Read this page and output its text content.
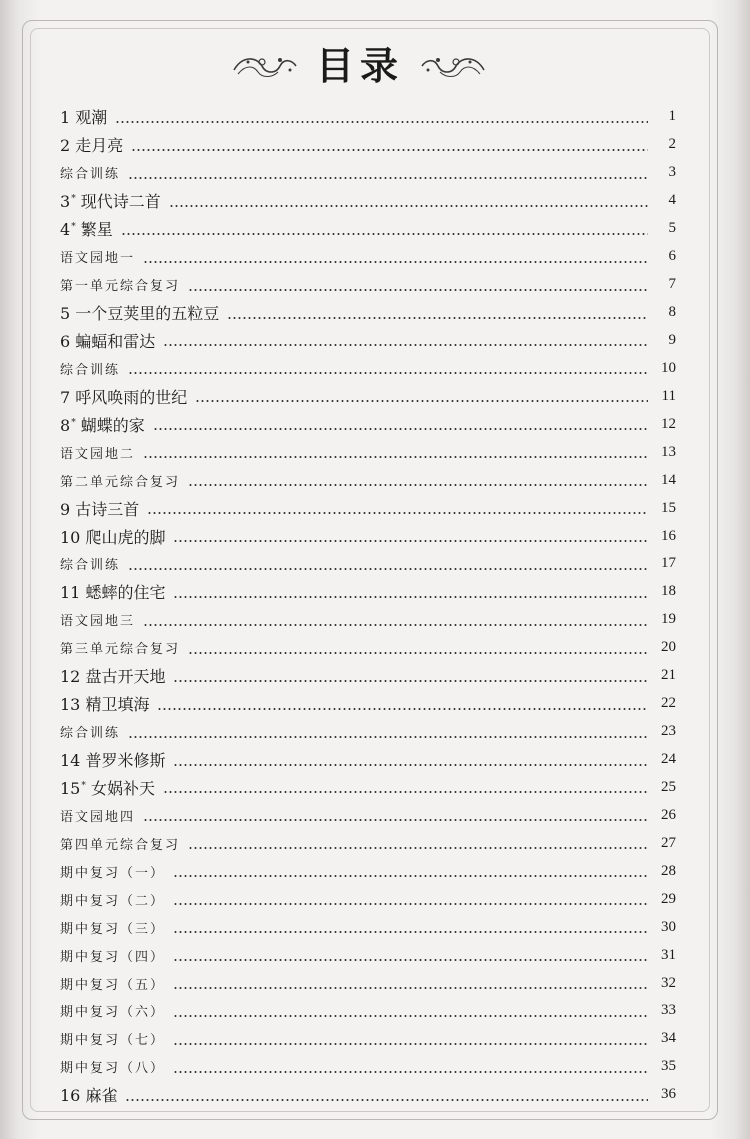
目录
1 观潮	1
2 走月亮	2
综合训练	3
3* 现代诗二首	4
4* 繁星	5
语文园地一	6
第一单元综合复习	7
5 一个豆荚里的五粒豆	8
6 蝙蝠和雷达	9
综合训练	10
7 呼风唤雨的世纪	11
8* 蝴蝶的家	12
语文园地二	13
第二单元综合复习	14
9 古诗三首	15
10 爬山虎的脚	16
综合训练	17
11 蟋蟀的住宅	18
语文园地三	19
第三单元综合复习	20
12 盘古开天地	21
13 精卫填海	22
综合训练	23
14 普罗米修斯	24
15* 女娲补天	25
语文园地四	26
第四单元综合复习	27
期中复习（一）	28
期中复习（二）	29
期中复习（三）	30
期中复习（四）	31
期中复习（五）	32
期中复习（六）	33
期中复习（七）	34
期中复习（八）	35
16 麻雀	36
